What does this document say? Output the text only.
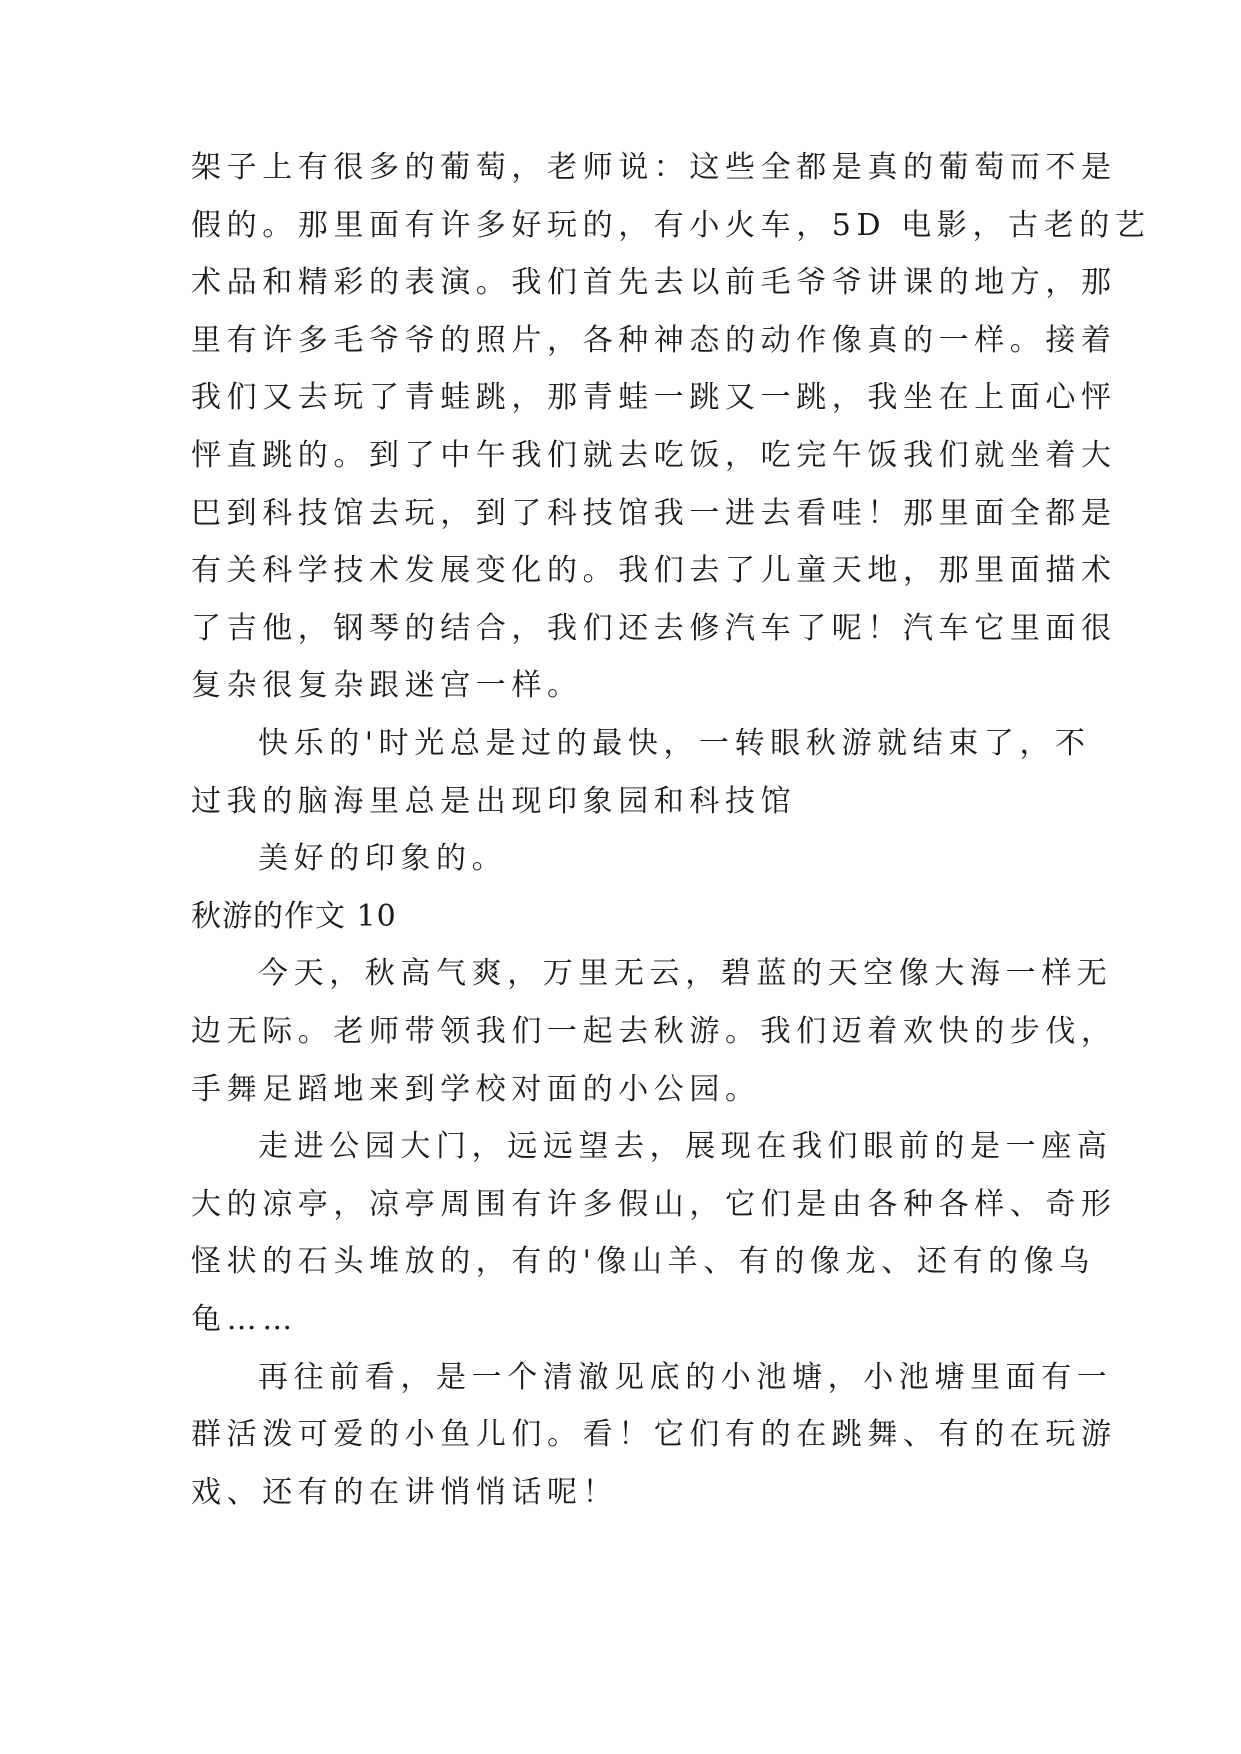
架子上有很多的葡萄，老师说：这些全都是真的葡萄而不是
假的。那里面有许多好玩的，有小火车，5D 电影，古老的艺
术品和精彩的表演。我们首先去以前毛爷爷讲课的地方，那
里有许多毛爷爷的照片，各种神态的动作像真的一样。接着
我们又去玩了青蛙跳，那青蛙一跳又一跳，我坐在上面心怦
怦直跳的。到了中午我们就去吃饭，吃完午饭我们就坐着大
巴到科技馆去玩，到了科技馆我一进去看哇！那里面全都是
有关科学技术发展变化的。我们去了儿童天地，那里面描术
了吉他，钢琴的结合，我们还去修汽车了呢！汽车它里面很
复杂很复杂跟迷宫一样。
快乐的'时光总是过的最快，一转眼秋游就结束了，不
过我的脑海里总是出现印象园和科技馆
美好的印象的。
秋游的作文 10
今天，秋高气爽，万里无云，碧蓝的天空像大海一样无
边无际。老师带领我们一起去秋游。我们迈着欢快的步伐，
手舞足蹈地来到学校对面的小公园。
走进公园大门，远远望去，展现在我们眼前的是一座高
大的凉亭，凉亭周围有许多假山，它们是由各种各样、奇形
怪状的石头堆放的，有的'像山羊、有的像龙、还有的像乌
龟……
再往前看，是一个清澈见底的小池塘，小池塘里面有一
群活泼可爱的小鱼儿们。看！它们有的在跳舞、有的在玩游
戏、还有的在讲悄悄话呢！
